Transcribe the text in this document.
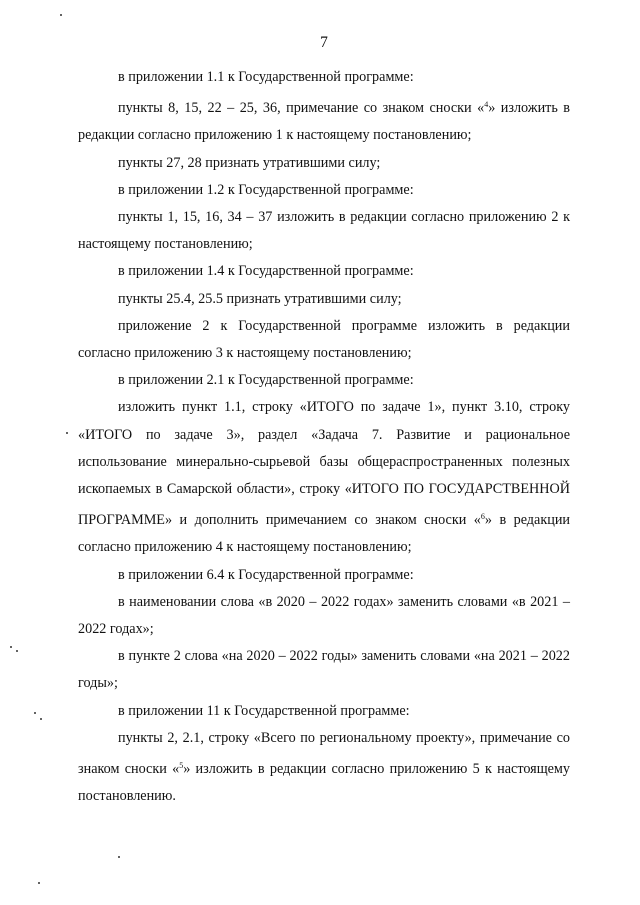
7

в приложении 1.1 к Государственной программе:

пункты 8, 15, 22 – 25, 36, примечание со знаком сноски «$^4$» изложить в редакции согласно приложению 1 к настоящему постановлению;

пункты 27, 28 признать утратившими силу;

в приложении 1.2 к Государственной программе:

пункты 1, 15, 16, 34 – 37 изложить в редакции согласно приложению 2 к настоящему постановлению;

в приложении 1.4 к Государственной программе:

пункты 25.4, 25.5 признать утратившими силу;

приложение 2 к Государственной программе изложить в редакции согласно приложению 3 к настоящему постановлению;

в приложении 2.1 к Государственной программе:

изложить пункт 1.1, строку «ИТОГО по задаче 1», пункт 3.10, строку «ИТОГО по задаче 3», раздел «Задача 7. Развитие и рациональное использование минерально-сырьевой базы общераспространенных полезных ископаемых в Самарской области», строку «ИТОГО ПО ГОСУДАРСТВЕННОЙ ПРОГРАММЕ» и дополнить примечанием со знаком сноски «$^6$» в редакции согласно приложению 4 к настоящему постановлению;

в приложении 6.4 к Государственной программе:

в наименовании слова «в 2020 – 2022 годах» заменить словами «в 2021 – 2022 годах»;

в пункте 2 слова «на 2020 – 2022 годы» заменить словами «на 2021 – 2022 годы»;

в приложении 11 к Государственной программе:

пункты 2, 2.1, строку «Всего по региональному проекту», примечание со знаком сноски «$^5$» изложить в редакции согласно приложению 5 к настоящему постановлению.
